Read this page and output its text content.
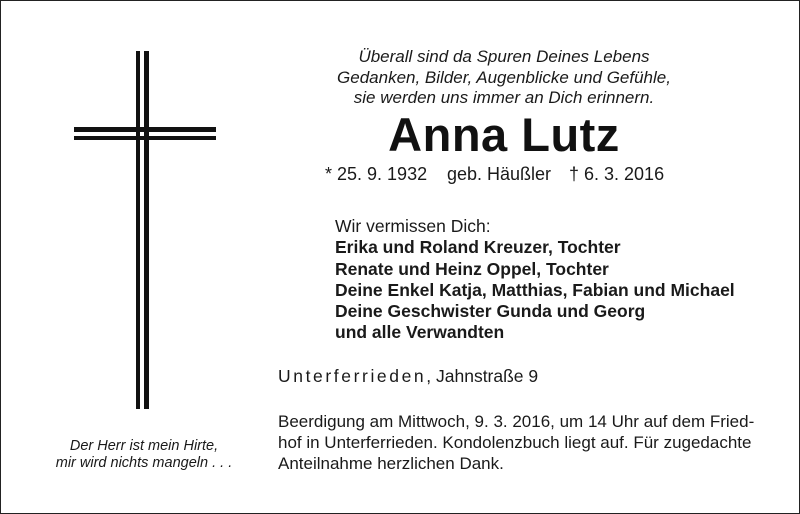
Überall sind da Spuren Deines Lebens
Gedanken, Bilder, Augenblicke und Gefühle,
sie werden uns immer an Dich erinnern.
Anna Lutz
* 25. 9. 1932 geb. Häußler † 6. 3. 2016
Wir vermissen Dich:
Erika und Roland Kreuzer, Tochter
Renate und Heinz Oppel, Tochter
Deine Enkel Katja, Matthias, Fabian und Michael
Deine Geschwister Gunda und Georg
und alle Verwandten
Unterferrieden, Jahnstraße 9
Beerdigung am Mittwoch, 9. 3. 2016, um 14 Uhr auf dem Fried-
hof in Unterferrieden. Kondolenzbuch liegt auf. Für zugedachte
Anteilnahme herzlichen Dank.
Der Herr ist mein Hirte,
mir wird nichts mangeln . . .
